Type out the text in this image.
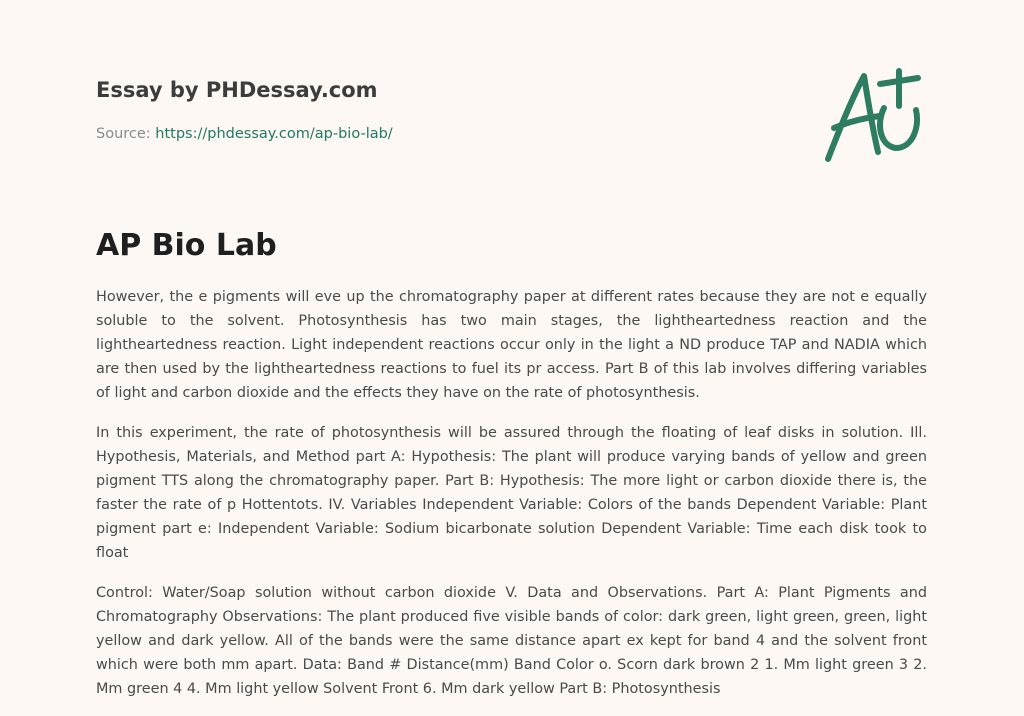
Essay by PHDessay.com

Source: https://phdessay.com/ap-bio-lab/
AP Bio Lab

However, the e pigments will eve up the chromatography paper at different rates because they are not e equally soluble to the solvent. Photosynthesis has two main stages, the lightheartedness reaction and the lightheartedness reaction. Light independent reactions occur only in the light a ND produce TAP and NADIA which are then used by the lightheartedness reactions to fuel its pr access. Part B of this lab involves differing variables of light and carbon dioxide and the effects they have on the rate of photosynthesis.

In this experiment, the rate of photosynthesis will be assured through the floating of leaf disks in solution. Ill. Hypothesis, Materials, and Method part A: Hypothesis: The plant will produce varying bands of yellow and green pigment TTS along the chromatography paper. Part B: Hypothesis: The more light or carbon dioxide there is, the faster the rate of p Hottentots. IV. Variables Independent Variable: Colors of the bands Dependent Variable: Plant pigment part e: Independent Variable: Sodium bicarbonate solution Dependent Variable: Time each disk took to float

Control: Water/Soap solution without carbon dioxide V. Data and Observations. Part A: Plant Pigments and Chromatography Observations: The plant produced five visible bands of color: dark green, light green, green, light yellow and dark yellow. All of the bands were the same distance apart ex kept for band 4 and the solvent front which were both mm apart. Data: Band # Distance(mm) Band Color o. Scorn dark brown 2 1. Mm light green 3 2. Mm green 4 4. Mm light yellow Solvent Front 6. Mm dark yellow Part B: Photosynthesis
